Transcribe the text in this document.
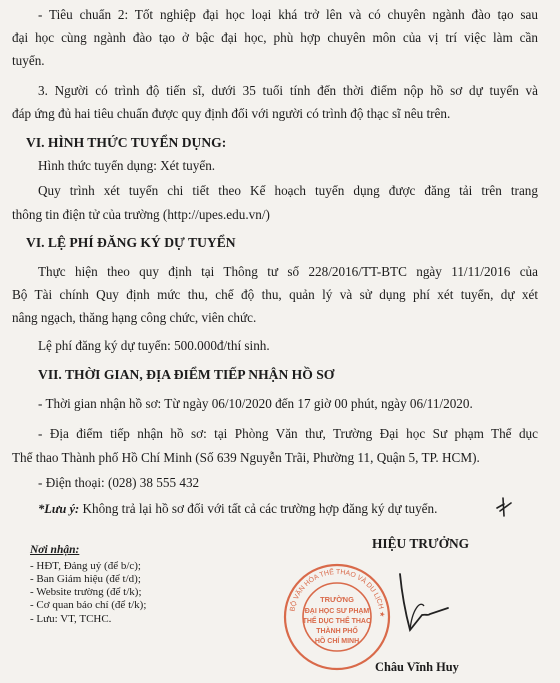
- Tiêu chuẩn 2: Tốt nghiệp đại học loại khá trở lên và có chuyên ngành đào tạo sau

đại học cùng ngành đào tạo ở bậc đại học, phù hợp chuyên môn của vị trí việc làm cần

tuyển.

3. Người có trình độ tiến sĩ, dưới 35 tuổi tính đến thời điểm nộp hồ sơ dự tuyển và

đáp ứng đủ hai tiêu chuẩn được quy định đối với người có trình độ thạc sĩ nêu trên.

VI. HÌNH THỨC TUYỂN DỤNG:

Hình thức tuyển dụng: Xét tuyển.

Quy trình xét tuyển chi tiết theo Kế hoạch tuyển dụng được đăng tải trên trang

thông tin điện tử của trường (http://upes.edu.vn/)

VI. LỆ PHÍ ĐĂNG KÝ DỰ TUYỂN

Thực hiện theo quy định tại Thông tư số 228/2016/TT-BTC ngày 11/11/2016 của

Bộ Tài chính Quy định mức thu, chế độ thu, quản lý và sử dụng phí xét tuyển, dự xét

nâng ngạch, thăng hạng công chức, viên chức.

Lệ phí đăng ký dự tuyển: 500.000đ/thí sinh.

VII. THỜI GIAN, ĐỊA ĐIỂM TIẾP NHẬN HỒ SƠ

- Thời gian nhận hồ sơ: Từ ngày 06/10/2020 đến 17 giờ 00 phút, ngày 06/11/2020.

- Địa điểm tiếp nhận hồ sơ: tại Phòng Văn thư, Trường Đại học Sư phạm Thể dục

Thể thao Thành phố Hồ Chí Minh (Số 639 Nguyễn Trãi, Phường 11, Quận 5, TP. HCM).

- Điện thoại: (028) 38 555 432

*Lưu ý: Không trả lại hồ sơ đối với tất cả các trường hợp đăng ký dự tuyển.

Nơi nhận:
- HĐT, Đảng uỷ (để b/c);
- Ban Giám hiệu (để t/d);
- Website trường (để t/k);
- Cơ quan báo chí (để t/k);
- Lưu: VT, TCHC.
HIỆU TRƯỞNG
TRƯỜNG
ĐẠI HỌC SƯ PHẠM
THỂ DỤC THỂ THAO
THÀNH PHỐ
HỒ CHÍ MINH
BỘ VĂN HÓA THỂ THAO VÀ DU LỊCH ★
Châu Vĩnh Huy
